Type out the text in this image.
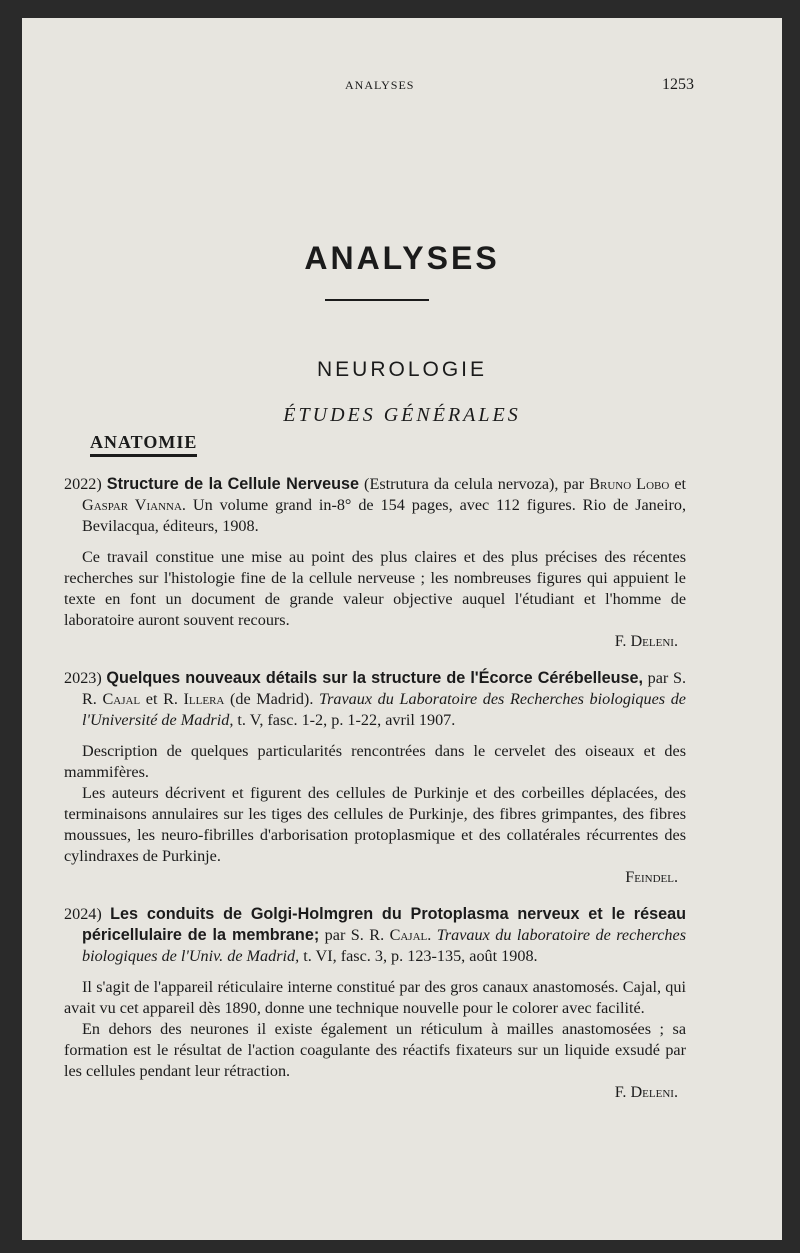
ANALYSES	1253
ANALYSES
NEUROLOGIE
ÉTUDES GÉNÉRALES
ANATOMIE
2022) Structure de la Cellule Nerveuse (Estrutura da celula nervoza), par Bruno Lobo et Gaspar Vianna. Un volume grand in-8° de 154 pages, avec 112 figures. Rio de Janeiro, Bevilacqua, éditeurs, 1908.
Ce travail constitue une mise au point des plus claires et des plus précises des récentes recherches sur l'histologie fine de la cellule nerveuse ; les nombreuses figures qui appuient le texte en font un document de grande valeur objective auquel l'étudiant et l'homme de laboratoire auront souvent recours.
F. Deleni.
2023) Quelques nouveaux détails sur la structure de l'Écorce Cérébelleuse, par S. R. Cajal et R. Illera (de Madrid). Travaux du Laboratoire des Recherches biologiques de l'Université de Madrid, t. V, fasc. 1-2, p. 1-22, avril 1907.
Description de quelques particularités rencontrées dans le cervelet des oiseaux et des mammifères.
Les auteurs décrivent et figurent des cellules de Purkinje et des corbeilles déplacées, des terminaisons annulaires sur les tiges des cellules de Purkinje, des fibres grimpantes, des fibres moussues, les neuro-fibrilles d'arborisation protoplasmique et des collatérales récurrentes des cylindraxes de Purkinje.
Feindel.
2024) Les conduits de Golgi-Holmgren du Protoplasma nerveux et le réseau péricellulaire de la membrane; par S. R. Cajal. Travaux du laboratoire de recherches biologiques de l'Univ. de Madrid, t. VI, fasc. 3, p. 123-135, août 1908.
Il s'agit de l'appareil réticulaire interne constitué par des gros canaux anastomosés. Cajal, qui avait vu cet appareil dès 1890, donne une technique nouvelle pour le colorer avec facilité.
En dehors des neurones il existe également un réticulum à mailles anastomosées ; sa formation est le résultat de l'action coagulante des réactifs fixateurs sur un liquide exsudé par les cellules pendant leur rétraction.
F. Deleni.
